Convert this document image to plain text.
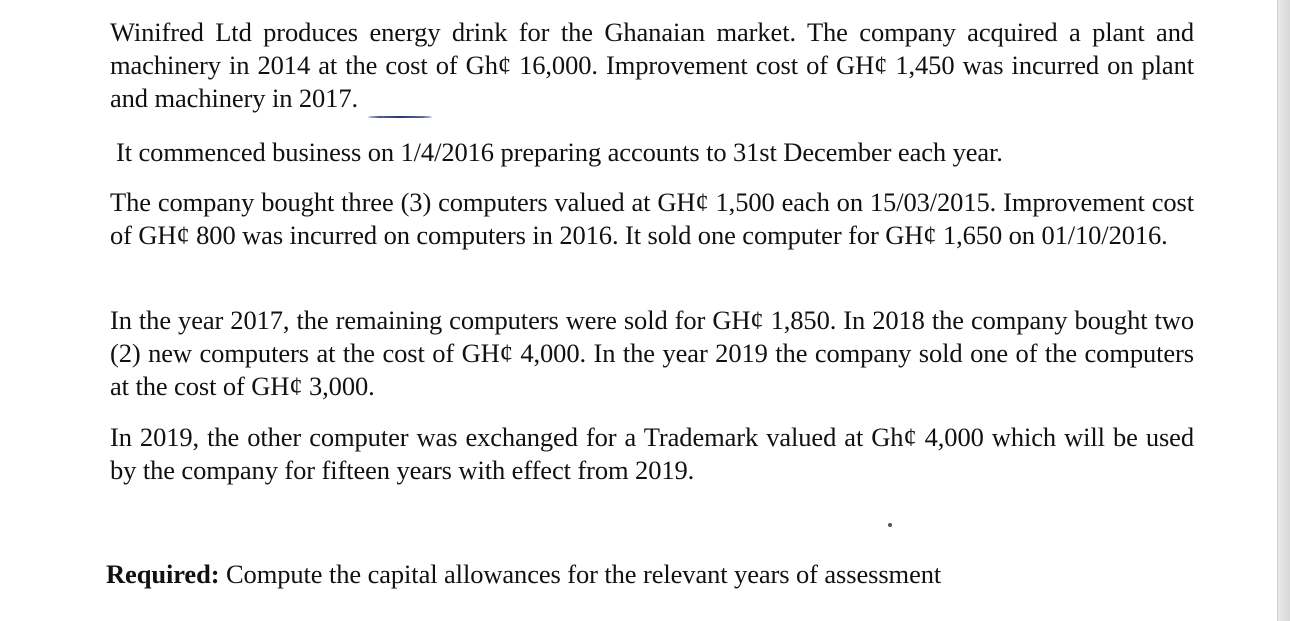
Winifred Ltd produces energy drink for the Ghanaian market. The company acquired a plant and machinery in 2014 at the cost of Gh¢ 16,000. Improvement cost of GH¢ 1,450 was incurred on plant and machinery in 2017.

It commenced business on 1/4/2016 preparing accounts to 31st December each year.

The company bought three (3) computers valued at GH¢ 1,500 each on 15/03/2015. Improvement cost of GH¢ 800 was incurred on computers in 2016. It sold one computer for GH¢ 1,650 on 01/10/2016.

In the year 2017, the remaining computers were sold for GH¢ 1,850. In 2018 the company bought two (2) new computers at the cost of GH¢ 4,000. In the year 2019 the company sold one of the computers at the cost of GH¢ 3,000.

In 2019, the other computer was exchanged for a Trademark valued at Gh¢ 4,000 which will be used by the company for fifteen years with effect from 2019.

Required: Compute the capital allowances for the relevant years of assessment
